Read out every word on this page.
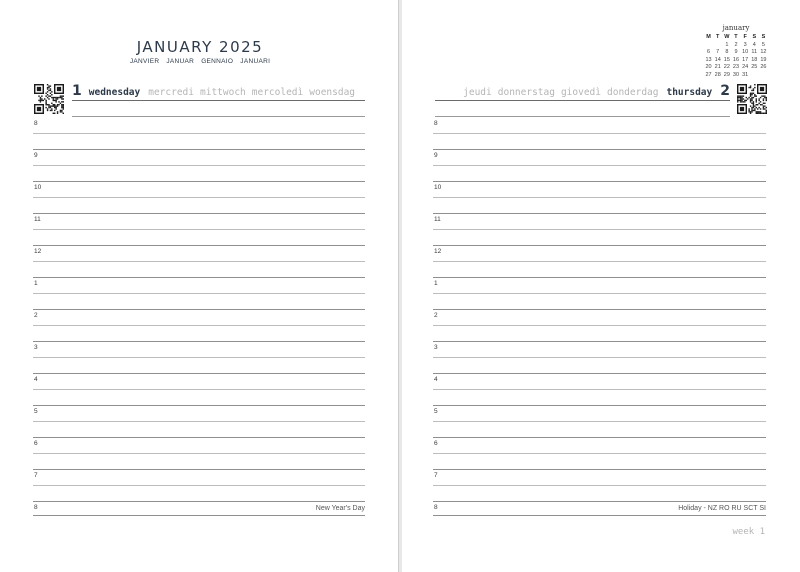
JANUARY 2025
JANVIER JANUAR GENNAIO JANUARI
1 wednesday mercredi mittwoch mercoledì woensdag
8
9
10
11
12
1
2
3
4
5
6
7
8	New Year's Day
january
M	T	W	T	F	S	S
		1	2	3	4	5
6	7	8	9	10	11	12
13	14	15	16	17	18	19
20	21	22	23	24	25	26
27	28	29	30	31		
jeudi donnerstag giovedì donderdag thursday 2
8
9
10
11
12
1
2
3
4
5
6
7
8	Holiday - NZ RO RU SCT SI
week 1
